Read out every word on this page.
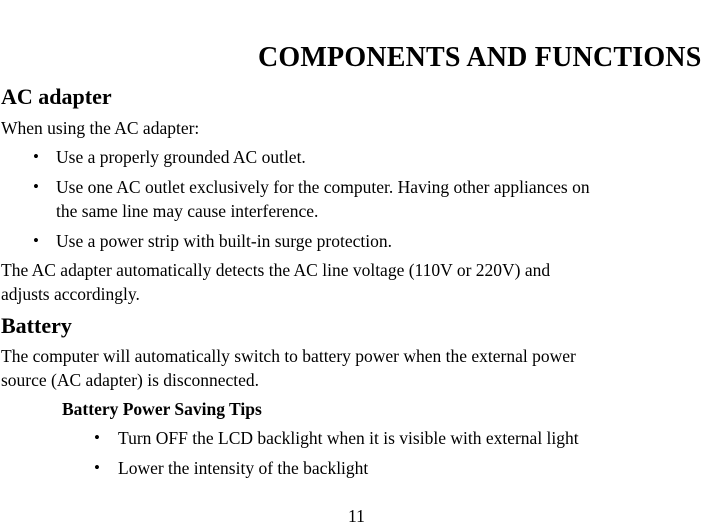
COMPONENTS AND FUNCTIONS
AC adapter
When using the AC adapter:
• Use a properly grounded AC outlet.
• Use one AC outlet exclusively for the computer. Having other appliances on
the same line may cause interference.
• Use a power strip with built-in surge protection.
The AC adapter automatically detects the AC line voltage (110V or 220V) and
adjusts accordingly.
Battery
The computer will automatically switch to battery power when the external power
source (AC adapter) is disconnected.
Battery Power Saving Tips
• Turn OFF the LCD backlight when it is visible with external light
• Lower the intensity of the backlight
11
